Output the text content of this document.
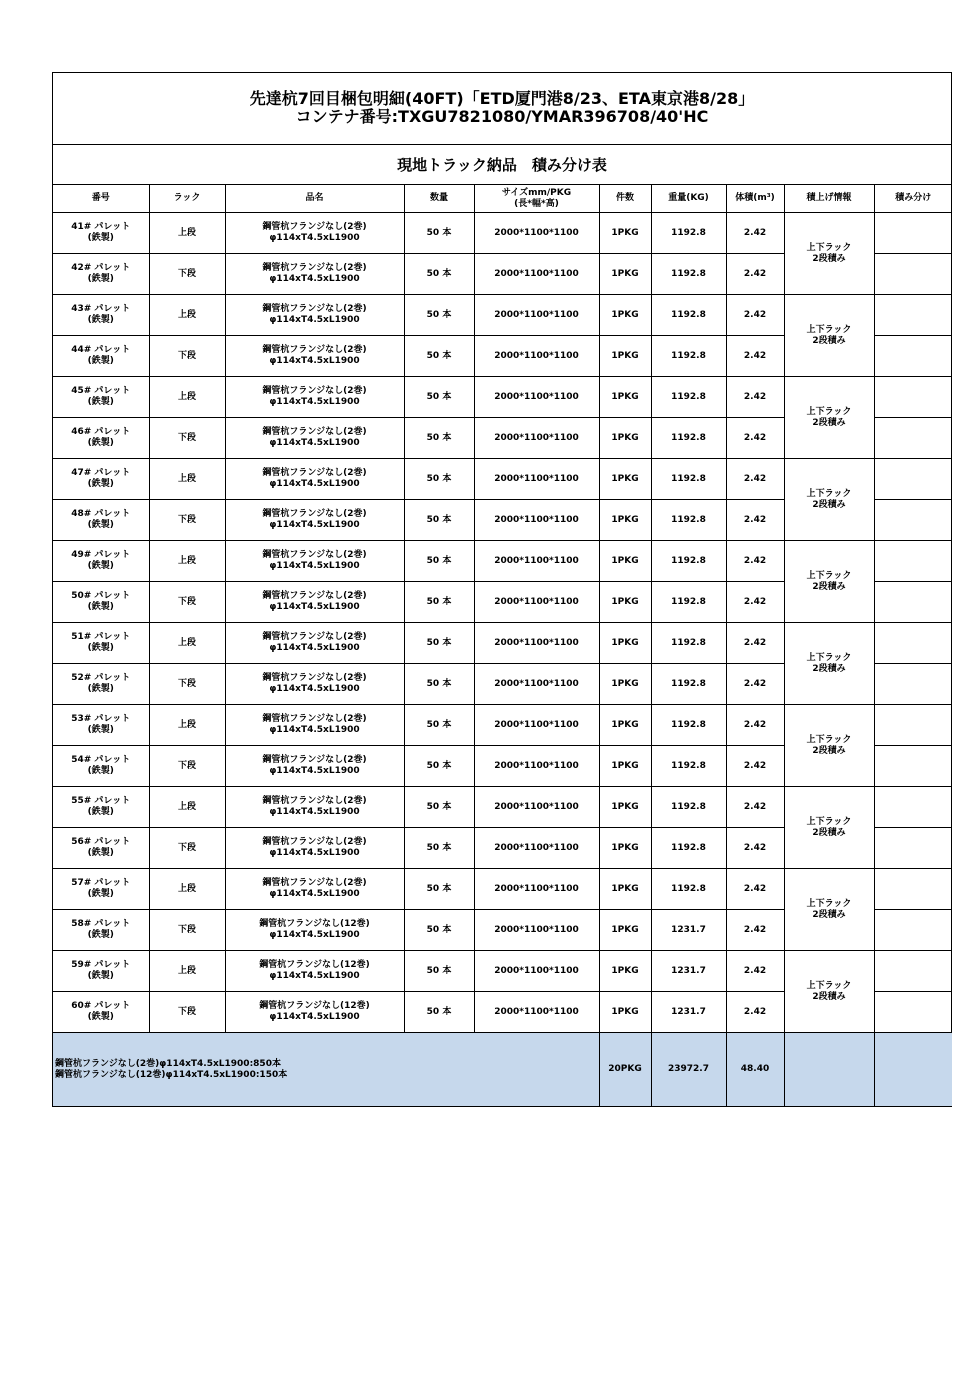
先達杭7回目梱包明細(40FT)「ETD厦門港8/23、ETA東京港8/28」
コンテナ番号:TXGU7821080/YMAR396708/40'HC
現地トラック納品　積み分け表
番号	ラック	品名	数量	サイズmm/PKG
(長*幅*高)	件数	重量(KG)	体積(m³)	積上げ情報	積み分け

41# パレット
(鉄製)	上段	鋼管杭フランジなし(2巻)
φ114xT4.5xL1900	50 本	2000*1100*1100	1PKG	1192.8	2.42	上下ラック
2段積み	

42# パレット
(鉄製)	下段	鋼管杭フランジなし(2巻)
φ114xT4.5xL1900	50 本	2000*1100*1100	1PKG	1192.8	2.42		

43# パレット
(鉄製)	上段	鋼管杭フランジなし(2巻)
φ114xT4.5xL1900	50 本	2000*1100*1100	1PKG	1192.8	2.42	上下ラック
2段積み	

44# パレット
(鉄製)	下段	鋼管杭フランジなし(2巻)
φ114xT4.5xL1900	50 本	2000*1100*1100	1PKG	1192.8	2.42		

45# パレット
(鉄製)	上段	鋼管杭フランジなし(2巻)
φ114xT4.5xL1900	50 本	2000*1100*1100	1PKG	1192.8	2.42	上下ラック
2段積み	

46# パレット
(鉄製)	下段	鋼管杭フランジなし(2巻)
φ114xT4.5xL1900	50 本	2000*1100*1100	1PKG	1192.8	2.42		

47# パレット
(鉄製)	上段	鋼管杭フランジなし(2巻)
φ114xT4.5xL1900	50 本	2000*1100*1100	1PKG	1192.8	2.42	上下ラック
2段積み	

48# パレット
(鉄製)	下段	鋼管杭フランジなし(2巻)
φ114xT4.5xL1900	50 本	2000*1100*1100	1PKG	1192.8	2.42		

49# パレット
(鉄製)	上段	鋼管杭フランジなし(2巻)
φ114xT4.5xL1900	50 本	2000*1100*1100	1PKG	1192.8	2.42	上下ラック
2段積み	

50# パレット
(鉄製)	下段	鋼管杭フランジなし(2巻)
φ114xT4.5xL1900	50 本	2000*1100*1100	1PKG	1192.8	2.42		

51# パレット
(鉄製)	上段	鋼管杭フランジなし(2巻)
φ114xT4.5xL1900	50 本	2000*1100*1100	1PKG	1192.8	2.42	上下ラック
2段積み	

52# パレット
(鉄製)	下段	鋼管杭フランジなし(2巻)
φ114xT4.5xL1900	50 本	2000*1100*1100	1PKG	1192.8	2.42		

53# パレット
(鉄製)	上段	鋼管杭フランジなし(2巻)
φ114xT4.5xL1900	50 本	2000*1100*1100	1PKG	1192.8	2.42	上下ラック
2段積み	

54# パレット
(鉄製)	下段	鋼管杭フランジなし(2巻)
φ114xT4.5xL1900	50 本	2000*1100*1100	1PKG	1192.8	2.42		

55# パレット
(鉄製)	上段	鋼管杭フランジなし(2巻)
φ114xT4.5xL1900	50 本	2000*1100*1100	1PKG	1192.8	2.42	上下ラック
2段積み	

56# パレット
(鉄製)	下段	鋼管杭フランジなし(2巻)
φ114xT4.5xL1900	50 本	2000*1100*1100	1PKG	1192.8	2.42		

57# パレット
(鉄製)	上段	鋼管杭フランジなし(2巻)
φ114xT4.5xL1900	50 本	2000*1100*1100	1PKG	1192.8	2.42	上下ラック
2段積み	

58# パレット
(鉄製)	下段	鋼管杭フランジなし(12巻)
φ114xT4.5xL1900	50 本	2000*1100*1100	1PKG	1231.7	2.42		

59# パレット
(鉄製)	上段	鋼管杭フランジなし(12巻)
φ114xT4.5xL1900	50 本	2000*1100*1100	1PKG	1231.7	2.42	上下ラック
2段積み	

60# パレット
(鉄製)	下段	鋼管杭フランジなし(12巻)
φ114xT4.5xL1900	50 本	2000*1100*1100	1PKG	1231.7	2.42		

鋼管杭フランジなし(2巻)φ114xT4.5xL1900:850本
鋼管杭フランジなし(12巻)φ114xT4.5xL1900:150本					20PKG	23972.7	48.40		
